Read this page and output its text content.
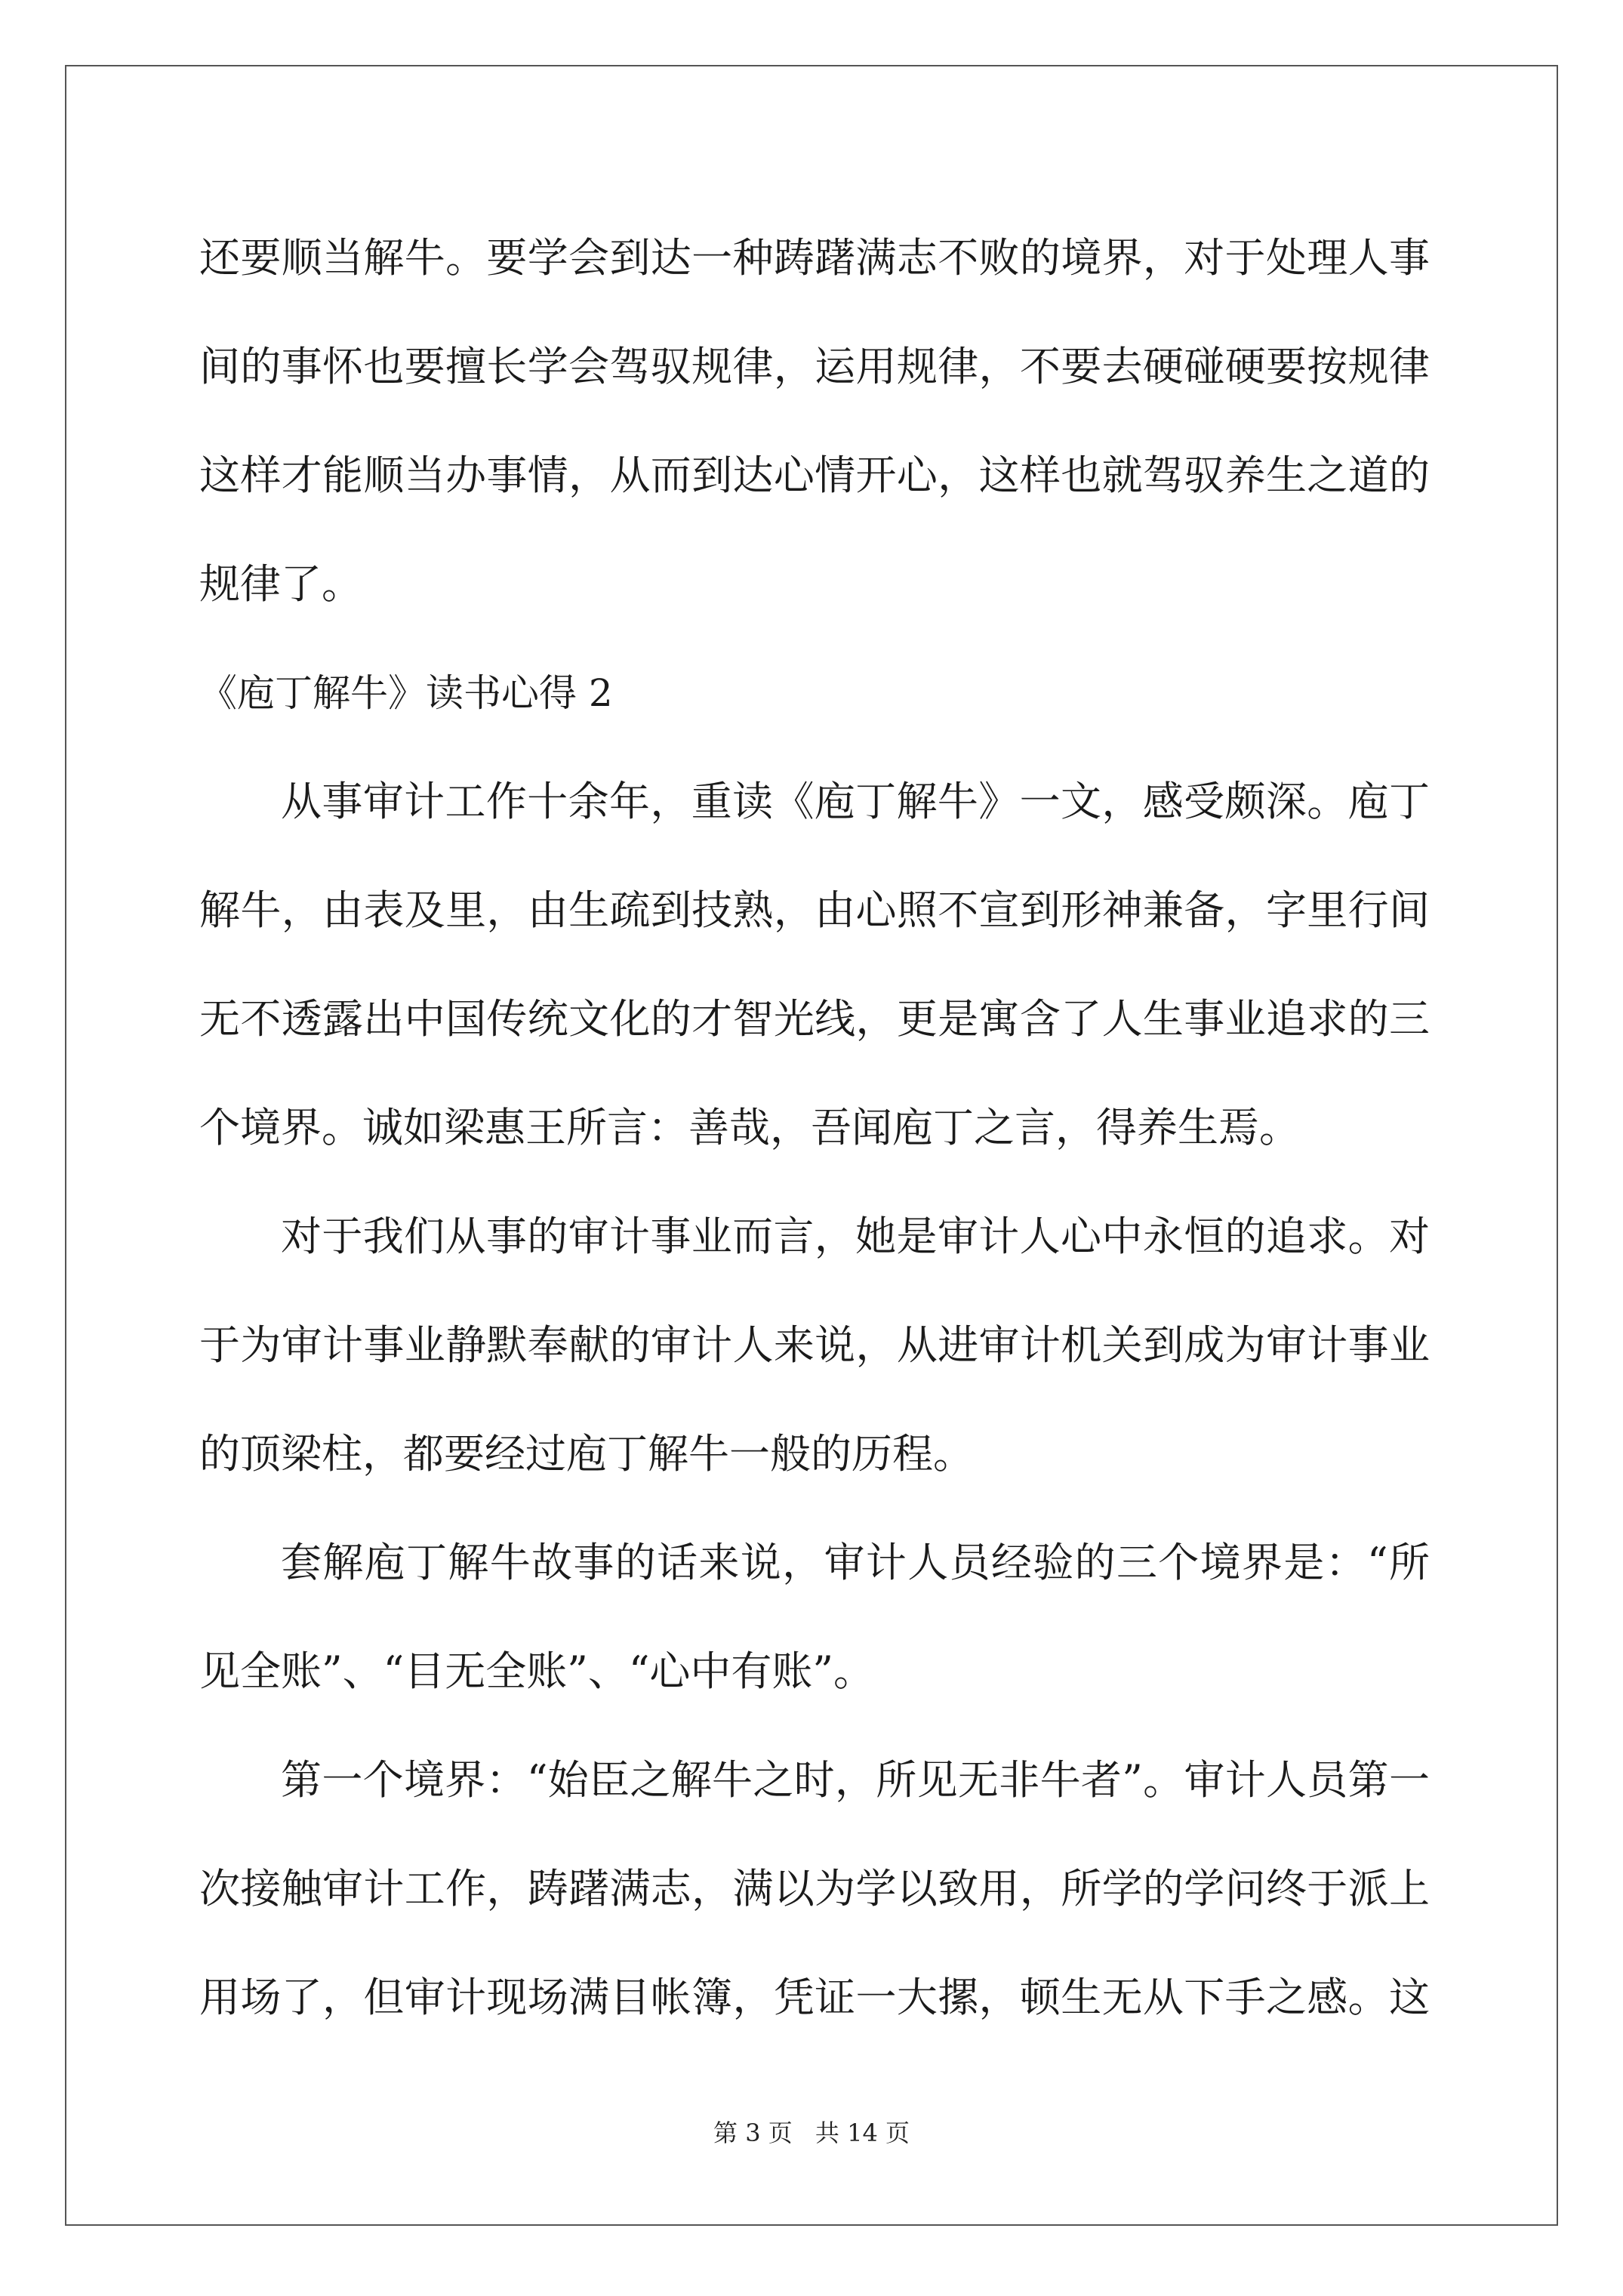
还要顺当解牛。要学会到达一种踌躇满志不败的境界，对于处理人事
间的事怀也要擅长学会驾驭规律，运用规律，不要去硬碰硬要按规律
这样才能顺当办事情，从而到达心情开心，这样也就驾驭养生之道的
规律了。
《庖丁解牛》读书心得 2
从事审计工作十余年，重读《庖丁解牛》一文，感受颇深。庖丁
解牛，由表及里，由生疏到技熟，由心照不宣到形神兼备，字里行间
无不透露出中国传统文化的才智光线，更是寓含了人生事业追求的三
个境界。诚如梁惠王所言：善哉，吾闻庖丁之言，得养生焉。
对于我们从事的审计事业而言，她是审计人心中永恒的追求。对
于为审计事业静默奉献的审计人来说，从进审计机关到成为审计事业
的顶梁柱，都要经过庖丁解牛一般的历程。
套解庖丁解牛故事的话来说，审计人员经验的三个境界是：“所
见全账”、“目无全账”、“心中有账”。
第一个境界：“始臣之解牛之时，所见无非牛者”。审计人员第一
次接触审计工作，踌躇满志，满以为学以致用，所学的学问终于派上
用场了，但审计现场满目帐簿，凭证一大摞，顿生无从下手之感。这
第 3 页 共 14 页
